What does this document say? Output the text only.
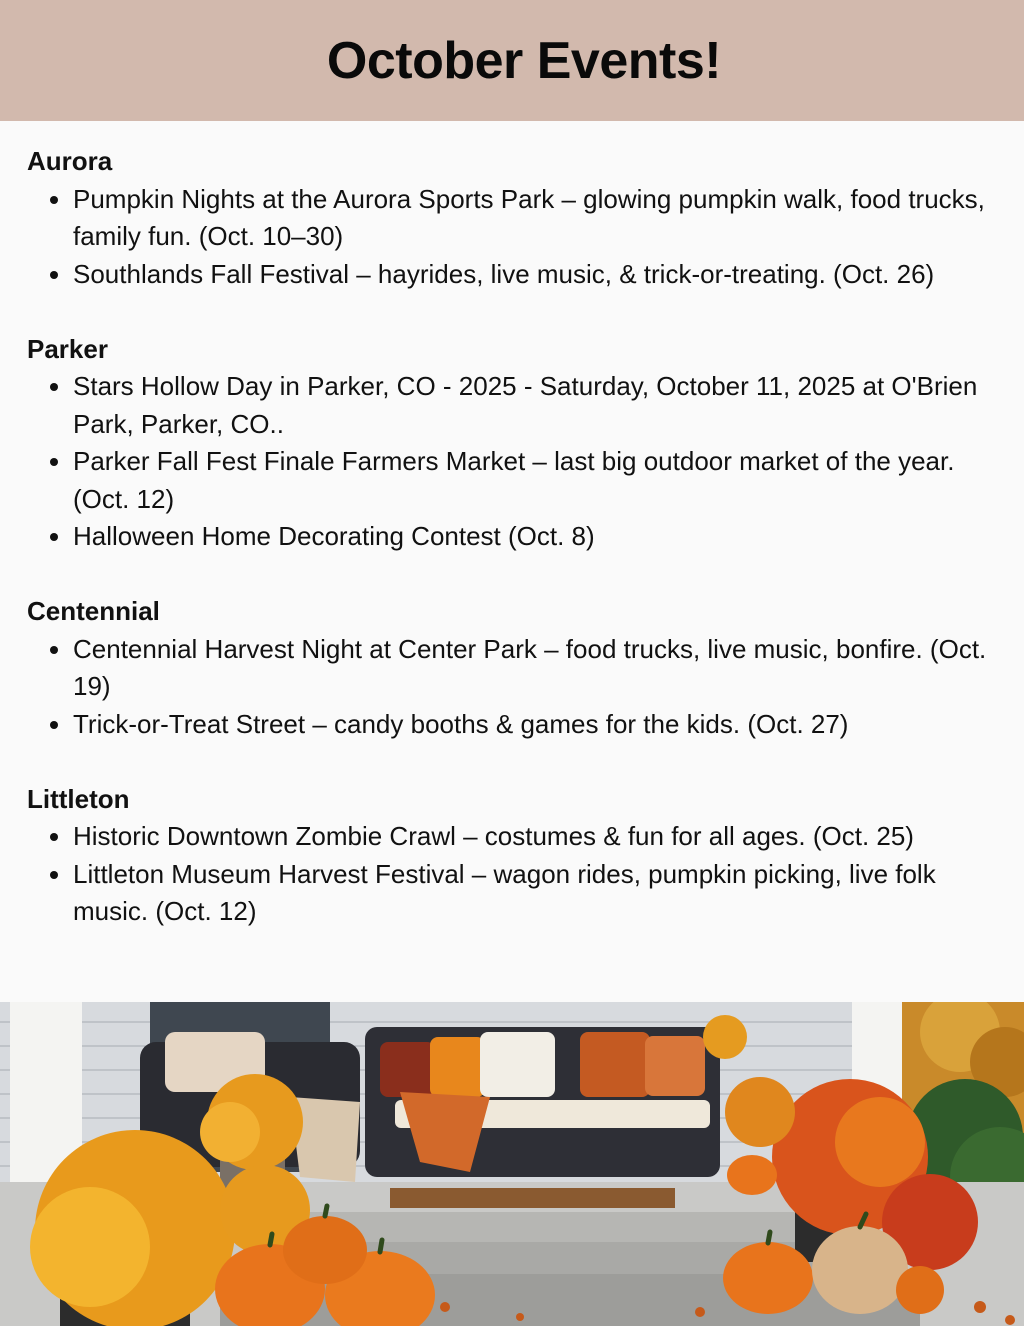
October Events!
Aurora
• Pumpkin Nights at the Aurora Sports Park – glowing pumpkin walk, food trucks, family fun. (Oct. 10–30)
• Southlands Fall Festival – hayrides, live music, & trick-or-treating. (Oct. 26)
Parker
• Stars Hollow Day in Parker, CO - 2025 - Saturday, October 11, 2025 at O'Brien Park, Parker, CO..
• Parker Fall Fest Finale Farmers Market – last big outdoor market of the year. (Oct. 12)
• Halloween Home Decorating Contest (Oct. 8)
Centennial
• Centennial Harvest Night at Center Park – food trucks, live music, bonfire. (Oct. 19)
• Trick-or-Treat Street – candy booths & games for the kids. (Oct. 27)
Littleton
• Historic Downtown Zombie Crawl – costumes & fun for all ages. (Oct. 25)
• Littleton Museum Harvest Festival – wagon rides, pumpkin picking, live folk music. (Oct. 12)
